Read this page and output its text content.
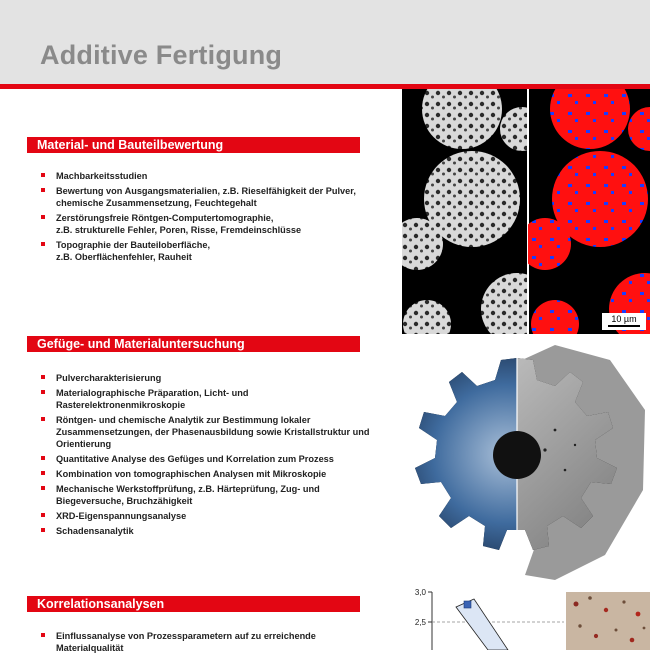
Additive Fertigung
Material- und Bauteilbewertung
Machbarkeitsstudien
Bewertung von Ausgangsmaterialien, z.B. Rieselfähigkeit der Pulver,
chemische Zusammensetzung, Feuchtegehalt
Zerstörungsfreie Röntgen-Computertomographie,
z.B. strukturelle Fehler, Poren, Risse, Fremdeinschlüsse
Topographie der Bauteiloberfläche,
z.B. Oberflächenfehler, Rauheit
Gefüge- und Materialuntersuchung
Pulvercharakterisierung
Materialographische Präparation, Licht- und
Rasterelektronenmikroskopie
Röntgen- und chemische Analytik zur Bestimmung lokaler
Zusammensetzungen, der Phasenausbildung sowie Kristallstruktur und
Orientierung
Quantitative Analyse des Gefüges und Korrelation zum Prozess
Kombination von tomographischen Analysen mit Mikroskopie
Mechanische Werkstoffprüfung, z.B. Härteprüfung, Zug- und
Biegeversuche, Bruchzähigkeit
XRD-Eigenspannungsanalyse
Schadensanalytik
Korrelationsanalysen
Einflussanalyse von Prozessparametern auf zu erreichende
Materialqualität
10 µm
3,0
2,5
